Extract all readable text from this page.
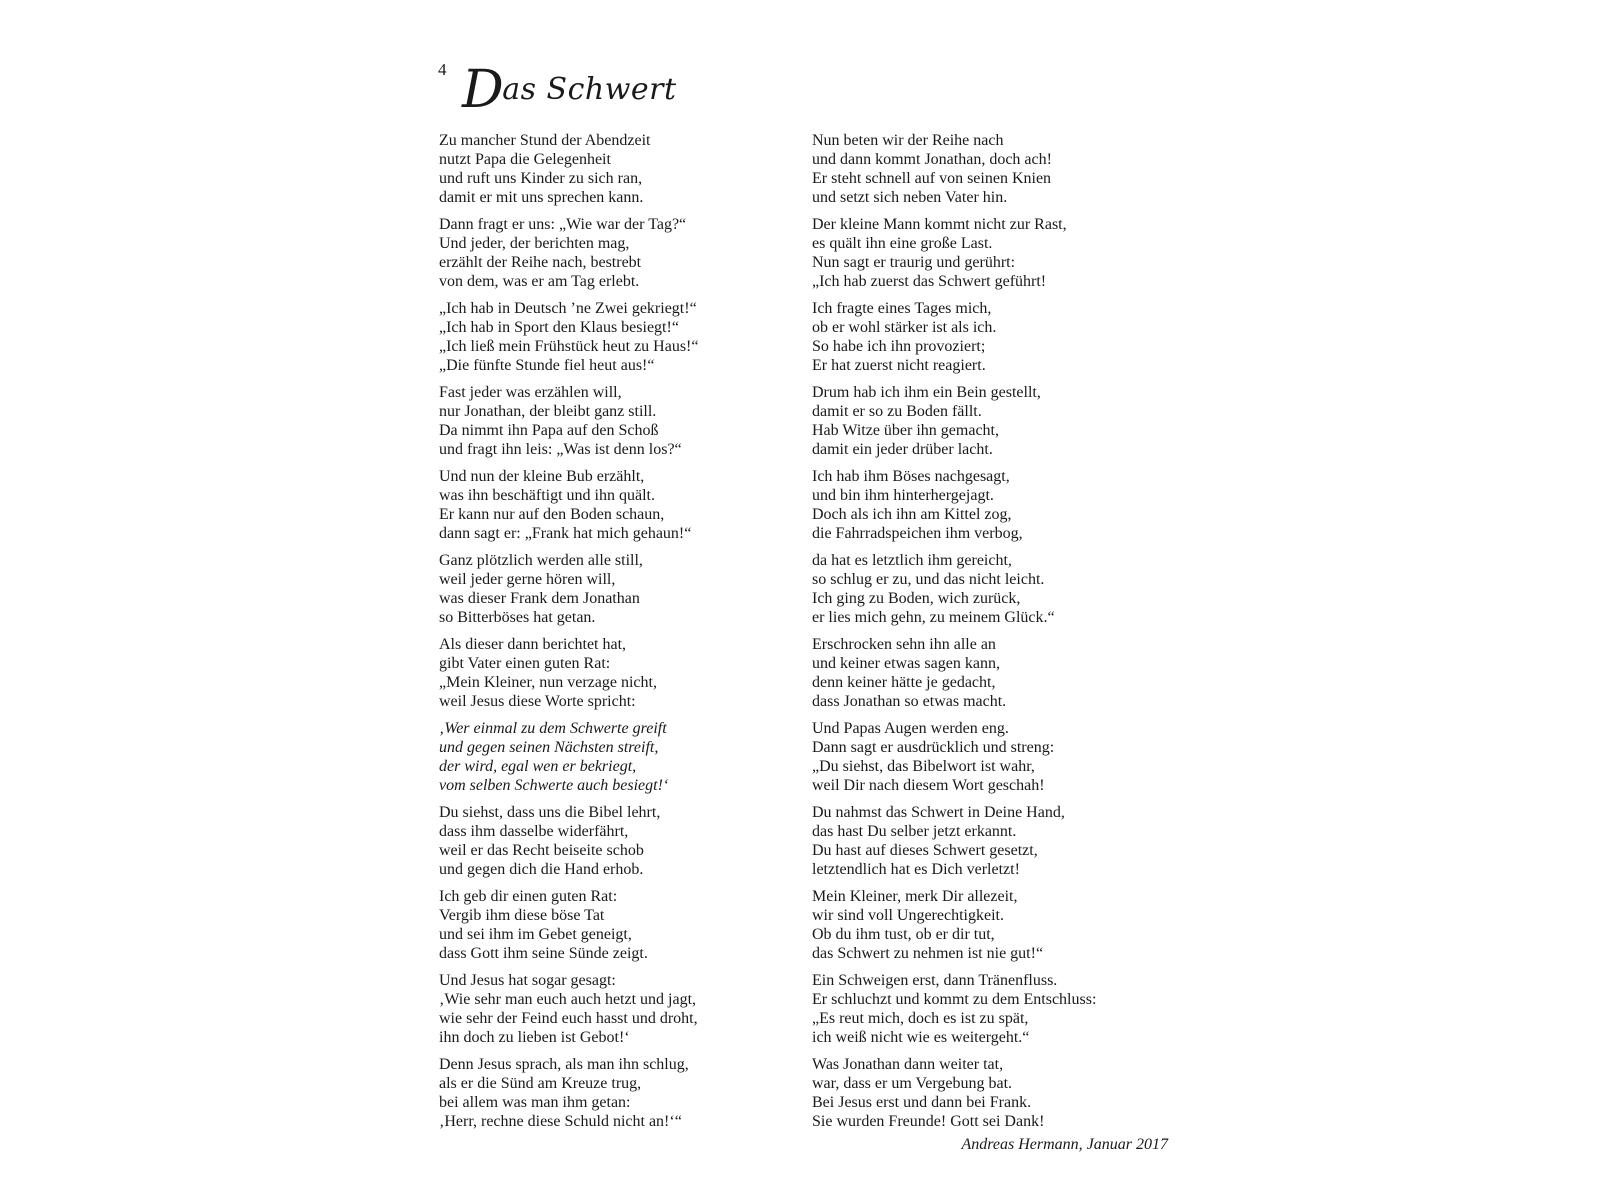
4 Das Schwert
Zu mancher Stund der Abendzeit
nutzt Papa die Gelegenheit
und ruft uns Kinder zu sich ran,
damit er mit uns sprechen kann.
Dann fragt er uns: „Wie war der Tag?“
Und jeder, der berichten mag,
erzählt der Reihe nach, bestrebt
von dem, was er am Tag erlebt.
„Ich hab in Deutsch ’ne Zwei gekriegt!“
„Ich hab in Sport den Klaus besiegt!“
„Ich ließ mein Frühstück heut zu Haus!“
„Die fünfte Stunde fiel heut aus!“
Fast jeder was erzählen will,
nur Jonathan, der bleibt ganz still.
Da nimmt ihn Papa auf den Schoß
und fragt ihn leis: „Was ist denn los?“
Und nun der kleine Bub erzählt,
was ihn beschäftigt und ihn quält.
Er kann nur auf den Boden schaun,
dann sagt er: „Frank hat mich gehaun!“
Ganz plötzlich werden alle still,
weil jeder gerne hören will,
was dieser Frank dem Jonathan
so Bitterböses hat getan.
Als dieser dann berichtet hat,
gibt Vater einen guten Rat:
„Mein Kleiner, nun verzage nicht,
weil Jesus diese Worte spricht:
‚Wer einmal zu dem Schwerte greift
und gegen seinen Nächsten streift,
der wird, egal wen er bekriegt,
vom selben Schwerte auch besiegt!‘
Du siehst, dass uns die Bibel lehrt,
dass ihm dasselbe widerfährt,
weil er das Recht beiseite schob
und gegen dich die Hand erhob.
Ich geb dir einen guten Rat:
Vergib ihm diese böse Tat
und sei ihm im Gebet geneigt,
dass Gott ihm seine Sünde zeigt.
Und Jesus hat sogar gesagt:
‚Wie sehr man euch auch hetzt und jagt,
wie sehr der Feind euch hasst und droht,
ihn doch zu lieben ist Gebot!‘
Denn Jesus sprach, als man ihn schlug,
als er die Sünd am Kreuze trug,
bei allem was man ihm getan:
‚Herr, rechne diese Schuld nicht an!‘“
Nun beten wir der Reihe nach
und dann kommt Jonathan, doch ach!
Er steht schnell auf von seinen Knien
und setzt sich neben Vater hin.
Der kleine Mann kommt nicht zur Rast,
es quält ihn eine große Last.
Nun sagt er traurig und gerührt:
„Ich hab zuerst das Schwert geführt!
Ich fragte eines Tages mich,
ob er wohl stärker ist als ich.
So habe ich ihn provoziert;
Er hat zuerst nicht reagiert.
Drum hab ich ihm ein Bein gestellt,
damit er so zu Boden fällt.
Hab Witze über ihn gemacht,
damit ein jeder drüber lacht.
Ich hab ihm Böses nachgesagt,
und bin ihm hinterhergejagt.
Doch als ich ihn am Kittel zog,
die Fahrradspeichen ihm verbog,
da hat es letztlich ihm gereicht,
so schlug er zu, und das nicht leicht.
Ich ging zu Boden, wich zurück,
er lies mich gehn, zu meinem Glück.“
Erschrocken sehn ihn alle an
und keiner etwas sagen kann,
denn keiner hätte je gedacht,
dass Jonathan so etwas macht.
Und Papas Augen werden eng.
Dann sagt er ausdrücklich und streng:
„Du siehst, das Bibelwort ist wahr,
weil Dir nach diesem Wort geschah!
Du nahmst das Schwert in Deine Hand,
das hast Du selber jetzt erkannt.
Du hast auf dieses Schwert gesetzt,
letztendlich hat es Dich verletzt!
Mein Kleiner, merk Dir allezeit,
wir sind voll Ungerechtigkeit.
Ob du ihm tust, ob er dir tut,
das Schwert zu nehmen ist nie gut!“
Ein Schweigen erst, dann Tränenfluss.
Er schluchzt und kommt zu dem Entschluss:
„Es reut mich, doch es ist zu spät,
ich weiß nicht wie es weitergeht.“
Was Jonathan dann weiter tat,
war, dass er um Vergebung bat.
Bei Jesus erst und dann bei Frank.
Sie wurden Freunde! Gott sei Dank!
Andreas Hermann, Januar 2017
